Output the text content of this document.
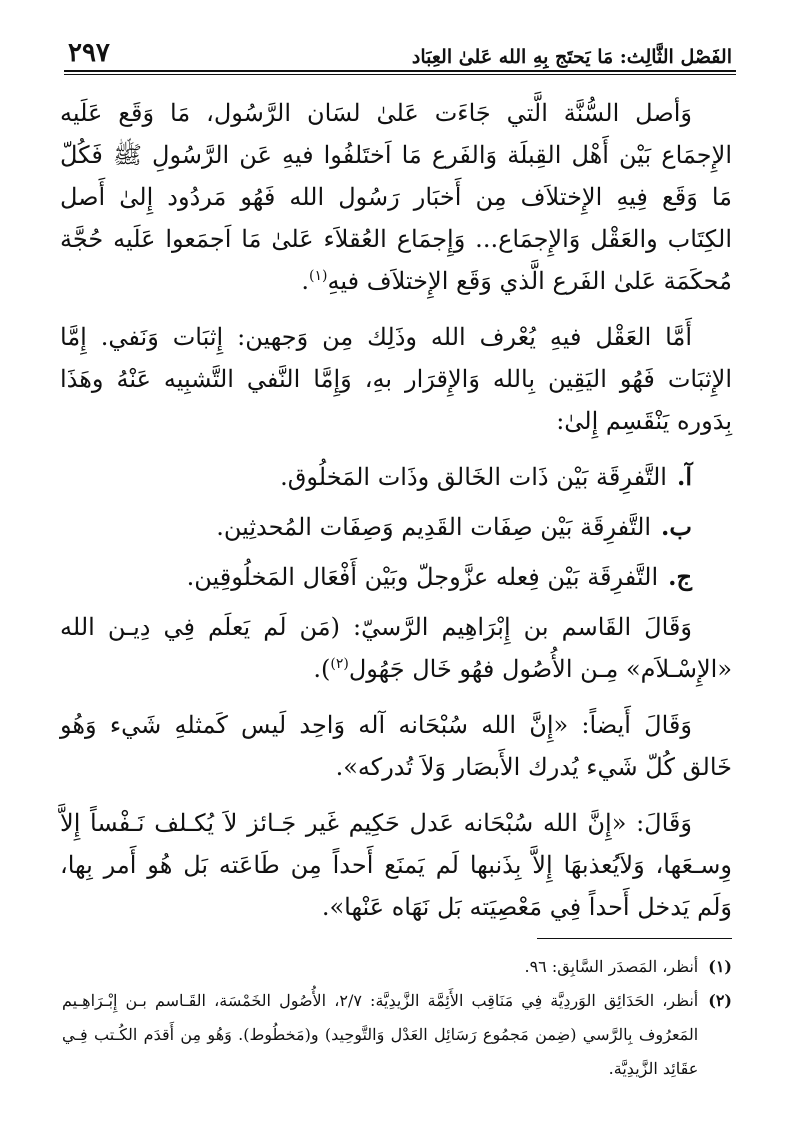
٢٩٧	الفَصْل الثَّالِث: مَا يَحتَج بِهِ الله عَلىٰ العِبَاد

وَأصل السُّنَّة الَّتي جَاءَت عَلىٰ لسَان الرَّسُول، مَا وَقَع عَلَيه الإِجمَاع بَيْن أَهْل القِبلَة وَالفَرع مَا اَختَلفُوا فيهِ عَن الرَّسُولِ ﷺ فَكُلّ مَا وَقَع فِيهِ الإِختلاَف مِن أَخبَار رَسُول الله فَهُو مَردُود إِلىٰ أَصل الكِتَاب والعَقْل وَالإِجمَاع... وَإِجمَاع العُقلاَء عَلىٰ مَا اَجمَعوا عَلَيه حُجَّة مُحكَمَة عَلىٰ الفَرع الَّذي وَقَع الإِختلاَف فيهِ$^{(١)}$.

أَمَّا العَقْل فيهِ يُعْرف الله وذَلِك مِن وَجهين: إِثبَات وَنَفي. إِمَّا الإِثبَات فَهُو اليَقِين بِالله وَالإِقرَار بهِ، وَإِمَّا النَّفي التَّشبِيه عَنْهُ وهَذَا بِدَوره يَنْقَسِم إِلىٰ:

آ.التَّفرِقَة بَيْن ذَات الخَالق وذَات المَخلُوق.

ب.التَّفرِقَة بَيْن صِفَات القَدِيم وَصِفَات المُحدثِين.

ج.التَّفرِقَة بَيْن فِعله عزَّوجلّ وبَيْن أَفْعَال المَخلُوقِين.

وَقَالَ القَاسم بن إِبْرَاهِيم الرَّسيّ: (مَن لَم يَعلَم فِي دِيـن الله «الإِسْـلاَم» مِـن الأُصُول فهُو خَال جَهُول$^{(٢)}$).

وَقَالَ أَيضاً: «إِنَّ الله سُبْحَانه آله وَاحِد لَيس كَمثلهِ شَيء وَهُو خَالق كُلّ شَيء يُدرك الأَبصَار وَلاَ تُدركه».

وَقَالَ: «إِنَّ الله سُبْحَانه عَدل حَكِيم غَير جَـائز لاَ يُكـلف نَـفْساً إِلاَّ وِسـعَها، وَلاَيُعذبهَا إِلاَّ بِذَنبها لَم يَمنَع أَحداً مِن طَاعَته بَل هُو أَمر بِها، وَلَم يَدخل أَحداً فِي مَعْصِيَته بَل نَهَاه عَنْها».

(١)
أنظر، المَصدَر السَّابِق: ٩٦.

(٢)
أنظر، الحَدَائِق الوَردِيَّة فِي مَنَاقِب الأَئِمَّة الزَّيدِيَّة: ٢/٧، الأُصُول الخَمْسَة، القَـاسم بـن إِبْـرَاهِـيم المَعرُوف بِالرَّسي (ضِمن مَجمُوع رَسَائِل العَدْل وَالتَّوحِيد) و(مَخطُوط). وَهُو مِن أَقدَم الكُـتب فِـي عقَائِد الزَّيدِيَّة.
